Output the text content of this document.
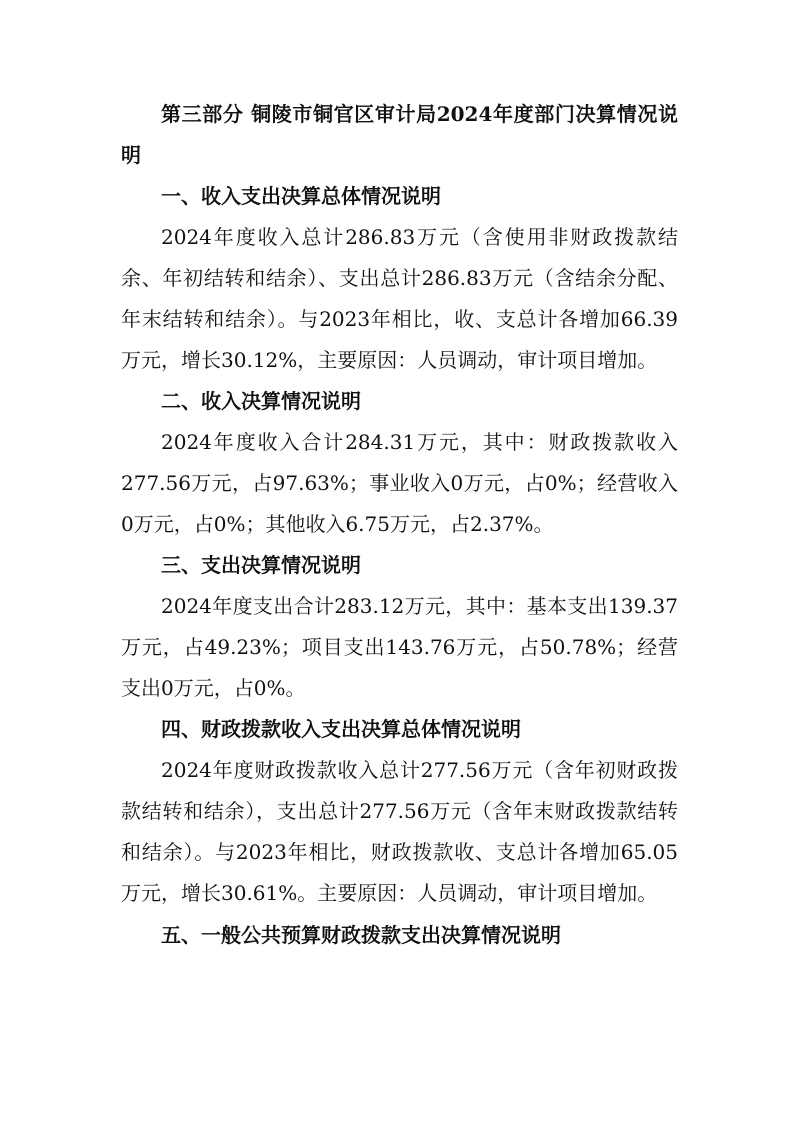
第三部分 铜陵市铜官区审计局2024年度部门决算情况说明

一、收入支出决算总体情况说明

2024年度收入总计286.83万元（含使用非财政拨款结余、年初结转和结余）、支出总计286.83万元（含结余分配、年末结转和结余）。与2023年相比，收、支总计各增加66.39万元，增长30.12%，主要原因：人员调动，审计项目增加。

二、收入决算情况说明

2024年度收入合计284.31万元，其中：财政拨款收入277.56万元，占97.63%；事业收入0万元，占0%；经营收入0万元，占0%；其他收入6.75万元，占2.37%。

三、支出决算情况说明

2024年度支出合计283.12万元，其中：基本支出139.37万元，占49.23%；项目支出143.76万元，占50.78%；经营支出0万元，占0%。

四、财政拨款收入支出决算总体情况说明

2024年度财政拨款收入总计277.56万元（含年初财政拨款结转和结余），支出总计277.56万元（含年末财政拨款结转和结余）。与2023年相比，财政拨款收、支总计各增加65.05万元，增长30.61%。主要原因：人员调动，审计项目增加。

五、一般公共预算财政拨款支出决算情况说明
